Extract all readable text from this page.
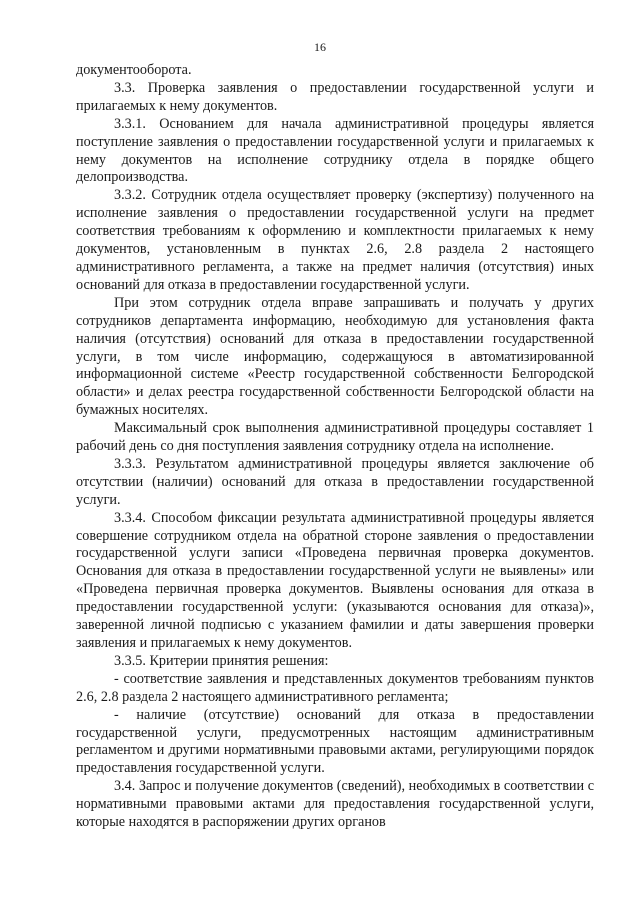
16

документооборота.

3.3. Проверка заявления о предоставлении государственной услуги и прилагаемых к нему документов.

3.3.1. Основанием для начала административной процедуры является поступление заявления о предоставлении государственной услуги и прилагаемых к нему документов на исполнение сотруднику отдела в порядке общего делопроизводства.

3.3.2. Сотрудник отдела осуществляет проверку (экспертизу) полученного на исполнение заявления о предоставлении государственной услуги на предмет соответствия требованиям к оформлению и комплектности прилагаемых к нему документов, установленным в пунктах 2.6, 2.8 раздела 2 настоящего административного регламента, а также на предмет наличия (отсутствия) иных оснований для отказа в предоставлении государственной услуги.

При этом сотрудник отдела вправе запрашивать и получать у других сотрудников департамента информацию, необходимую для установления факта наличия (отсутствия) оснований для отказа в предоставлении государственной услуги, в том числе информацию, содержащуюся в автоматизированной информационной системе «Реестр государственной собственности Белгородской области» и делах реестра государственной собственности Белгородской области на бумажных носителях.

Максимальный срок выполнения административной процедуры составляет 1 рабочий день со дня поступления заявления сотруднику отдела на исполнение.

3.3.3. Результатом административной процедуры является заключение об отсутствии (наличии) оснований для отказа в предоставлении государственной услуги.

3.3.4. Способом фиксации результата административной процедуры является совершение сотрудником отдела на обратной стороне заявления о предоставлении государственной услуги записи «Проведена первичная проверка документов. Основания для отказа в предоставлении государственной услуги не выявлены» или «Проведена первичная проверка документов. Выявлены основания для отказа в предоставлении государственной услуги: (указываются основания для отказа)», заверенной личной подписью с указанием фамилии и даты завершения проверки заявления и прилагаемых к нему документов.

3.3.5. Критерии принятия решения:

- соответствие заявления и представленных документов требованиям пунктов 2.6, 2.8 раздела 2 настоящего административного регламента;

- наличие (отсутствие) оснований для отказа в предоставлении государственной услуги, предусмотренных настоящим административным регламентом и другими нормативными правовыми актами, регулирующими порядок предоставления государственной услуги.

3.4. Запрос и получение документов (сведений), необходимых в соответствии с нормативными правовыми актами для предоставления государственной услуги, которые находятся в распоряжении других органов
